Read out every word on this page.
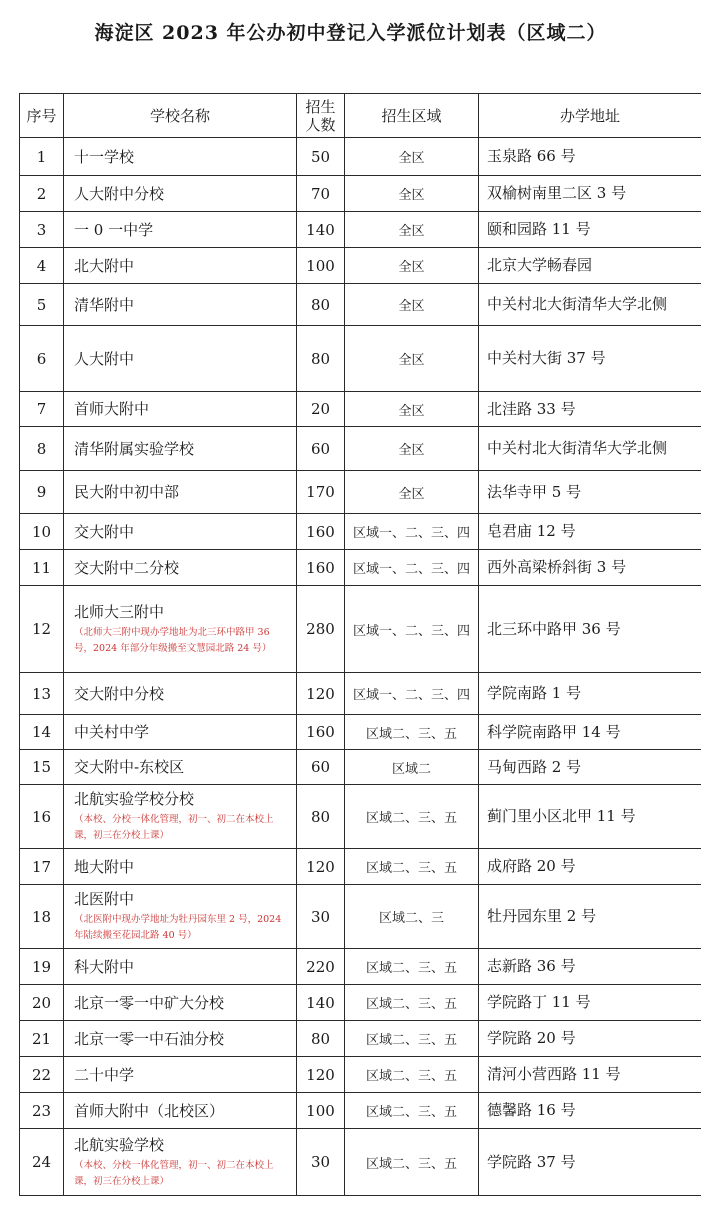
海淀区 2023 年公办初中登记入学派位计划表（区域二）
序号	学校名称	招生人数	招生区域	办学地址
1	十一学校	50	全区	玉泉路 66 号
2	人大附中分校	70	全区	双榆树南里二区 3 号
3	一 0 一中学	140	全区	颐和园路 11 号
4	北大附中	100	全区	北京大学畅春园
5	清华附中	80	全区	中关村北大街清华大学北侧
6	人大附中	80	全区	中关村大街 37 号
7	首师大附中	20	全区	北洼路 33 号
8	清华附属实验学校	60	全区	中关村北大街清华大学北侧
9	民大附中初中部	170	全区	法华寺甲 5 号
10	交大附中	160	区域一、二、三、四	皂君庙 12 号
11	交大附中二分校	160	区域一、二、三、四	西外高梁桥斜街 3 号
12	北师大三附中
（北师大三附中现办学地址为北三环中路甲 36 号，2024 年部分年级搬至文慧园北路 24 号）	280	区域一、二、三、四	北三环中路甲 36 号
13	交大附中分校	120	区域一、二、三、四	学院南路 1 号
14	中关村中学	160	区域二、三、五	科学院南路甲 14 号
15	交大附中-东校区	60	区域二	马甸西路 2 号
16	北航实验学校分校
（本校、分校一体化管理，初一、初二在本校上课，初三在分校上课）	80	区域二、三、五	蓟门里小区北甲 11 号
17	地大附中	120	区域二、三、五	成府路 20 号
18	北医附中
（北医附中现办学地址为牡丹园东里 2 号，2024 年陆续搬至花园北路 40 号）	30	区域二、三	牡丹园东里 2 号
19	科大附中	220	区域二、三、五	志新路 36 号
20	北京一零一中矿大分校	140	区域二、三、五	学院路丁 11 号
21	北京一零一中石油分校	80	区域二、三、五	学院路 20 号
22	二十中学	120	区域二、三、五	清河小营西路 11 号
23	首师大附中（北校区）	100	区域二、三、五	德馨路 16 号
24	北航实验学校
（本校、分校一体化管理，初一、初二在本校上课，初三在分校上课）	30	区域二、三、五	学院路 37 号
